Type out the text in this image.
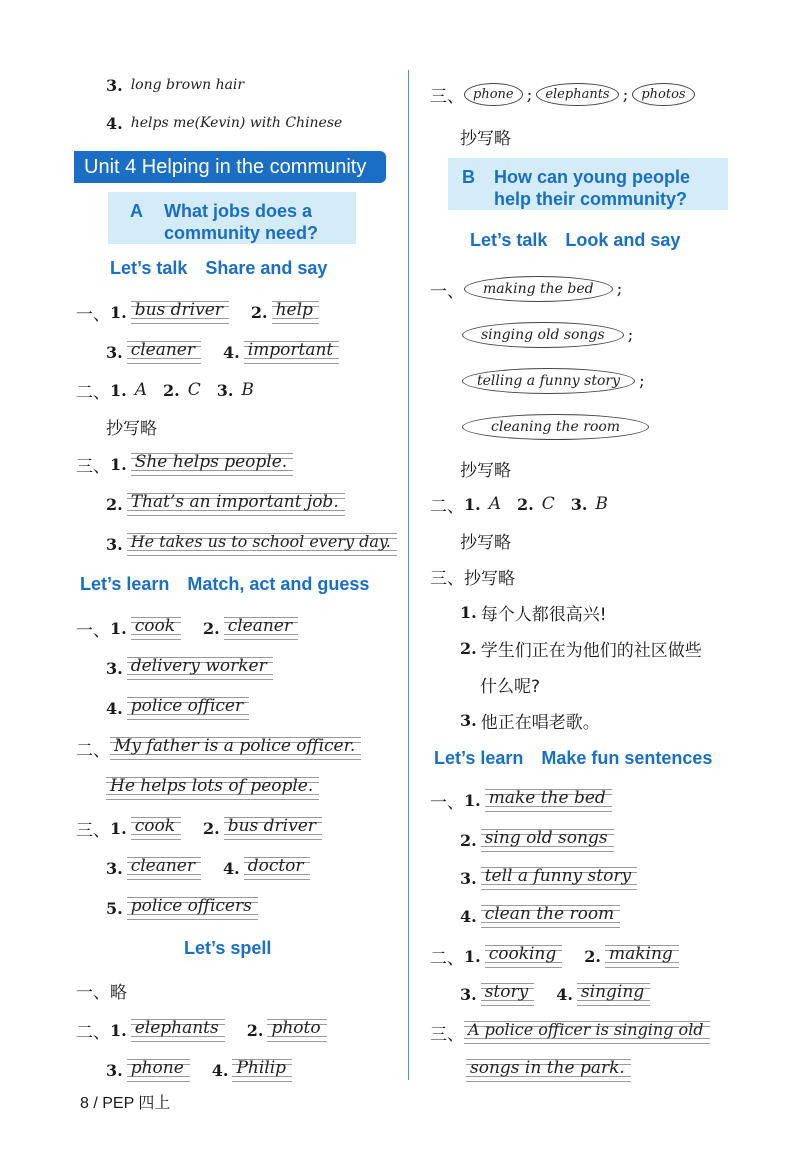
3. long brown hair
4. helps me(Kevin) with Chinese
Unit 4 Helping in the community
A What jobs does a
community need?
Let’s talk Share and say
一、 1. bus driver	2. help
3. cleaner	4. important
二、 1. A	2. C	3. B
抄写略
三、 1. She helps people.
2. That’s an important job.
3. He takes us to school every day.
Let’s learn Match, act and guess
一、 1. cook	2. cleaner
3. delivery worker
4. police officer
二、 My father is a police officer.
He helps lots of people.
三、 1. cook	2. bus driver
3. cleaner	4. doctor
5. police officers
Let’s spell
一、 略
二、 1. elephants	2. photo
3. phone	4. Philip
三、 phone ;	elephants ;	photos
抄写略
B How can young people
help their community?
Let’s talk Look and say
一、	making the bed	;
singing old songs	;
telling a funny story	;
cleaning the room
抄写略
二、 1. A	2. C	3. B
抄写略
三、 抄写略
1. 每个人都很高兴!
2. 学生们正在为他们的社区做些
什么呢?
3. 他正在唱老歌。
Let’s learn Make fun sentences
一、 1. make the bed
2. sing old songs
3. tell a funny story
4. clean the room
二、 1. cooking	2. making
3. story	4. singing
三、 A police officer is singing old
songs in the park.
8 / PEP 四上
